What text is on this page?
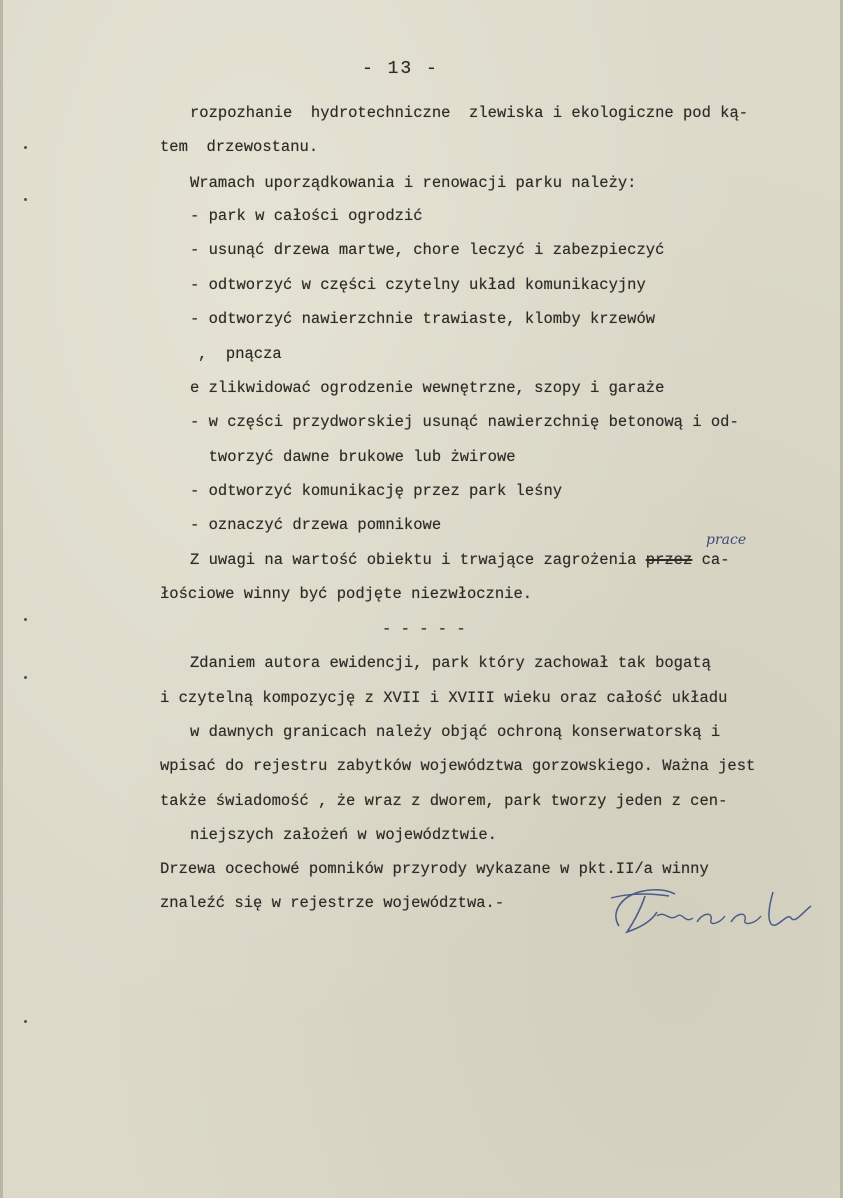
- 13 -
rozpozhanie  hydrotechniczne  zlewiska i ekologiczne pod ką-
tem  drzewostanu.
Wramach uporządkowania i renowacji parku należy:
- park w całości ogrodzić
- usunąć drzewa martwe, chore leczyć i zabezpieczyć
- odtworzyć w części czytelny układ komunikacyjny
- odtworzyć nawierzchnie trawiaste, klomby krzewów
,  pnącza
e zlikwidować ogrodzenie wewnętrzne, szopy i garaże
- w części przydworskiej usunąć nawierzchnię betonową i od-
tworzyć dawne brukowe lub żwirowe
- odtworzyć komunikację przez park leśny
- oznaczyć drzewa pomnikowe
Z uwagi na wartość obiektu i trwające zagrożenia przez ca-
prace
łościowe winny być podjęte niezwłocznie.
- - - - -
Zdaniem autora ewidencji, park który zachował tak bogatą
i czytelną kompozycję z XVII i XVIII wieku oraz całość układu
w dawnych granicach należy objąć ochroną konserwatorską i
wpisać do rejestru zabytków województwa gorzowskiego. Ważna jest
także świadomość , że wraz z dworem, park tworzy jeden z cen-
niejszych założeń w województwie.
Drzewa ocechowé pomników przyrody wykazane w pkt.II/a winny
znaleźć się w rejestrze województwa.-
